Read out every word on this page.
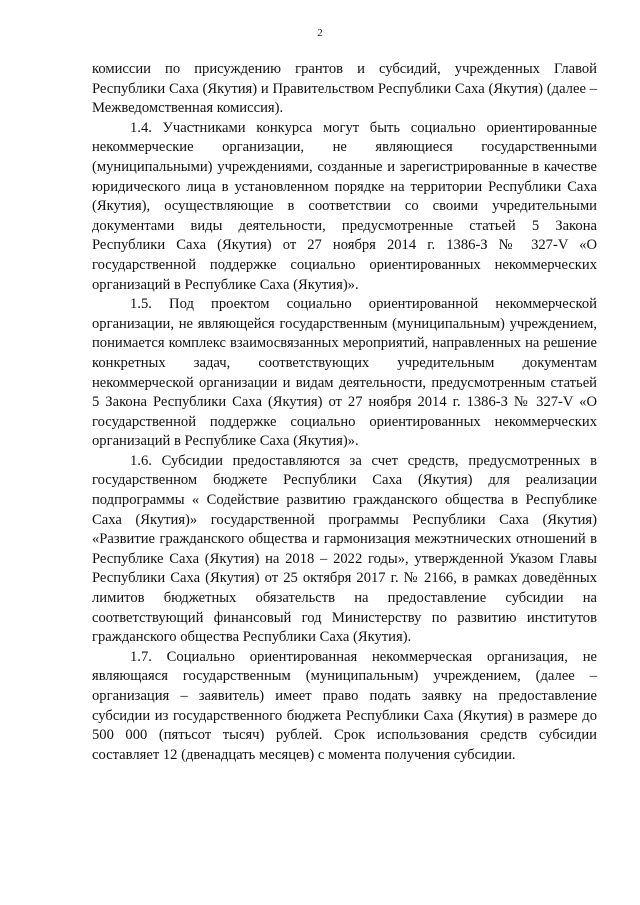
2

комиссии по присуждению грантов и субсидий, учрежденных Главой Республики Саха (Якутия) и Правительством Республики Саха (Якутия) (далее – Межведомственная комиссия).

1.4. Участниками конкурса могут быть социально ориентированные некоммерческие организации, не являющиеся государственными (муниципальными) учреждениями, созданные и зарегистрированные в качестве юридического лица в установленном порядке на территории Республики Саха (Якутия), осуществляющие в соответствии со своими учредительными документами виды деятельности, предусмотренные статьей 5 Закона Республики Саха (Якутия) от 27 ноября 2014 г. 1386-З № 327-V «О государственной поддержке социально ориентированных некоммерческих организаций в Республике Саха (Якутия)».

1.5. Под проектом социально ориентированной некоммерческой организации, не являющейся государственным (муниципальным) учреждением, понимается комплекс взаимосвязанных мероприятий, направленных на решение конкретных задач, соответствующих учредительным документам некоммерческой организации и видам деятельности, предусмотренным статьей 5 Закона Республики Саха (Якутия) от 27 ноября 2014 г. 1386-З № 327-V «О государственной поддержке социально ориентированных некоммерческих организаций в Республике Саха (Якутия)».

1.6. Субсидии предоставляются за счет средств, предусмотренных в государственном бюджете Республики Саха (Якутия) для реализации подпрограммы « Содействие развитию гражданского общества в Республике Саха (Якутия)» государственной программы Республики Саха (Якутия) «Развитие гражданского общества и гармонизация межэтнических отношений в Республике Саха (Якутия) на 2018 – 2022 годы», утвержденной Указом Главы Республики Саха (Якутия) от 25 октября 2017 г. № 2166, в рамках доведённых лимитов бюджетных обязательств на предоставление субсидии на соответствующий финансовый год Министерству по развитию институтов гражданского общества Республики Саха (Якутия).

1.7. Социально ориентированная некоммерческая организация, не являющаяся государственным (муниципальным) учреждением, (далее – организация – заявитель) имеет право подать заявку на предоставление субсидии из государственного бюджета Республики Саха (Якутия) в размере до 500 000 (пятьсот тысяч) рублей. Срок использования средств субсидии составляет 12 (двенадцать месяцев) с момента получения субсидии.
